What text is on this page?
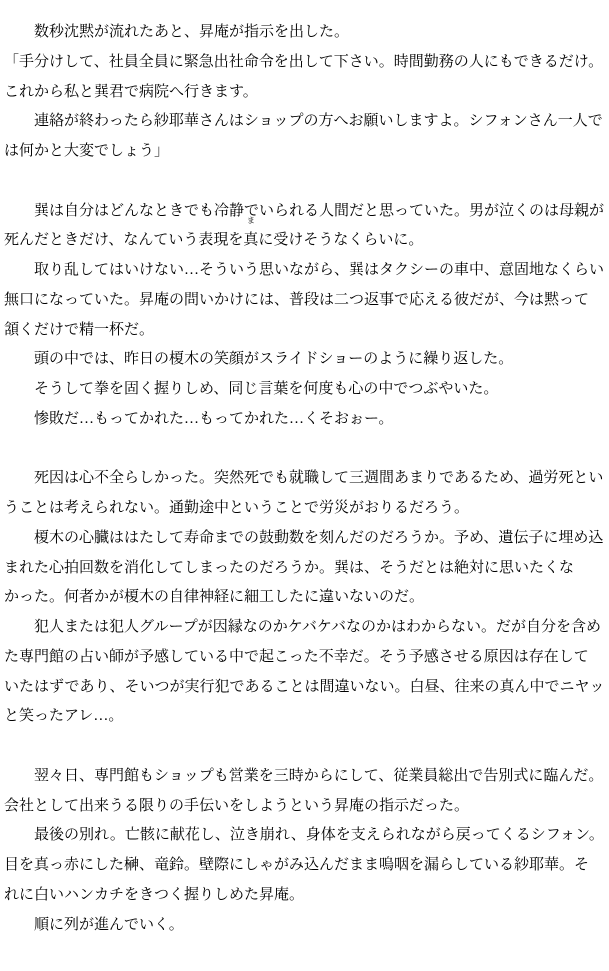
　　数秒沈黙が流れたあと、昇庵が指示を出した。
「手分けして、社員全員に緊急出社命令を出して下さい。時間勤務の人にもできるだけ。
これから私と巽君で病院へ行きます。
　　連絡が終わったら紗耶華さんはショップの方へお願いしますよ。シフォンさん一人で
は何かと大変でしょう」
　　巽は自分はどんなときでも冷静でいられる人間だと思っていた。男が泣くのは母親が
死んだときだけ、なんていう表現を
ま
真に受けそうなくらいに。
　　取り乱してはいけない…そういう思いながら、巽はタクシーの車中、意固地なくらい
無口になっていた。昇庵の問いかけには、普段は二つ返事で応える彼だが、今は黙って
頷くだけで精一杯だ。
　　頭の中では、昨日の榎木の笑顔がスライドショーのように繰り返した。
　　そうして拳を固く握りしめ、同じ言葉を何度も心の中でつぶやいた。
　　惨敗だ…もってかれた…もってかれた…くそおぉー。
　　死因は心不全らしかった。突然死でも就職して三週間あまりであるため、過労死とい
うことは考えられない。通勤途中ということで労災がおりるだろう。
　　榎木の心臓ははたして寿命までの鼓動数を刻んだのだろうか。予め、遺伝子に埋め込
まれた心拍回数を消化してしまったのだろうか。巽は、そうだとは絶対に思いたくな
かった。何者かが榎木の自律神経に細工したに違いないのだ。
　　犯人または犯人グループが因縁なのかケバケバなのかはわからない。だが自分を含め
た専門館の占い師が予感している中で起こった不幸だ。そう予感させる原因は存在して
いたはずであり、そいつが実行犯であることは間違いない。白昼、往来の真ん中でニヤッ
と笑ったアレ…。
　　翌々日、専門館もショップも営業を三時からにして、従業員総出で告別式に臨んだ。
会社として出来うる限りの手伝いをしようという昇庵の指示だった。
　　最後の別れ。亡骸に献花し、泣き崩れ、身体を支えられながら戻ってくるシフォン。
目を真っ赤にした榊、竜鈴。壁際にしゃがみ込んだまま嗚咽を漏らしている紗耶華。そ
れに白いハンカチをきつく握りしめた昇庵。
　　順に列が進んでいく。
